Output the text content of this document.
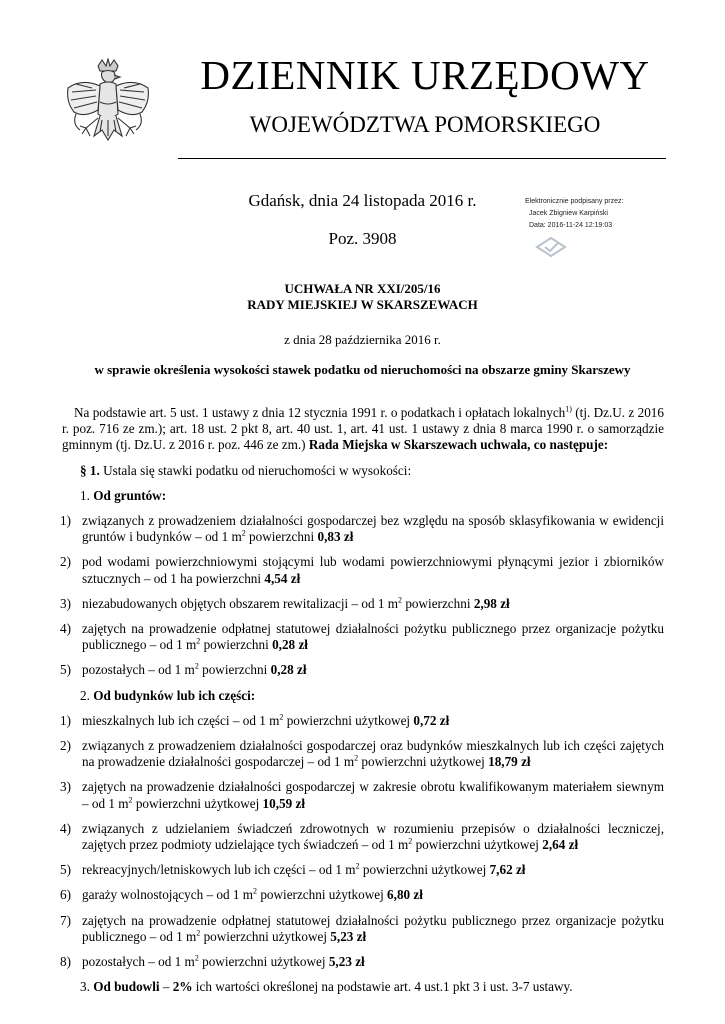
DZIENNIK URZĘDOWY
WOJEWÓDZTWA POMORSKIEGO
Gdańsk, dnia 24 listopada 2016 r.
Poz. 3908
Elektronicznie podpisany przez:
Jacek Zbigniew Karpiński
Data: 2016-11-24 12:19:03
UCHWAŁA NR XXI/205/16
RADY MIEJSKIEJ W SKARSZEWACH
z dnia 28 października 2016 r.
w sprawie określenia wysokości stawek podatku od nieruchomości na obszarze gminy Skarszewy

Na podstawie art. 5 ust. 1 ustawy z dnia 12 stycznia 1991 r. o podatkach i opłatach lokalnych$^{1)}$ (tj. Dz.U. z 2016 r. poz. 716 ze zm.); art. 18 ust. 2 pkt 8, art. 40 ust. 1, art. 41 ust. 1 ustawy z dnia 8 marca 1990 r. o samorządzie gminnym (tj. Dz.U. z 2016 r. poz. 446 ze zm.) Rada Miejska w Skarszewach uchwala, co następuje:

§ 1. Ustala się stawki podatku od nieruchomości w wysokości:

1. Od gruntów:

1) związanych z prowadzeniem działalności gospodarczej bez względu na sposób sklasyfikowania w ewidencji gruntów i budynków – od 1 $m^2$ powierzchni 0,83 zł
2) pod wodami powierzchniowymi stojącymi lub wodami powierzchniowymi płynącymi jezior i zbiorników sztucznych – od 1 ha powierzchni 4,54 zł
3) niezabudowanych objętych obszarem rewitalizacji – od 1 $m^2$ powierzchni 2,98 zł
4) zajętych na prowadzenie odpłatnej statutowej działalności pożytku publicznego przez organizacje pożytku publicznego – od 1 $m^2$ powierzchni 0,28 zł
5) pozostałych – od 1 $m^2$ powierzchni 0,28 zł

2. Od budynków lub ich części:

1) mieszkalnych lub ich części – od 1 $m^2$ powierzchni użytkowej 0,72 zł
2) związanych z prowadzeniem działalności gospodarczej oraz budynków mieszkalnych lub ich części zajętych na prowadzenie działalności gospodarczej – od 1 $m^2$ powierzchni użytkowej 18,79 zł
3) zajętych na prowadzenie działalności gospodarczej w zakresie obrotu kwalifikowanym materiałem siewnym – od 1 $m^2$ powierzchni użytkowej 10,59 zł
4) związanych z udzielaniem świadczeń zdrowotnych w rozumieniu przepisów o działalności leczniczej, zajętych przez podmioty udzielające tych świadczeń – od 1 $m^2$ powierzchni użytkowej 2,64 zł
5) rekreacyjnych/letniskowych lub ich części – od 1 $m^2$ powierzchni użytkowej 7,62 zł
6) garaży wolnostojących – od 1 $m^2$ powierzchni użytkowej 6,80 zł
7) zajętych na prowadzenie odpłatnej statutowej działalności pożytku publicznego przez organizacje pożytku publicznego – od 1 $m^2$ powierzchni użytkowej 5,23 zł
8) pozostałych – od 1 $m^2$ powierzchni użytkowej 5,23 zł

3. Od budowli – 2% ich wartości określonej na podstawie art. 4 ust.1 pkt 3 i ust. 3-7 ustawy.
